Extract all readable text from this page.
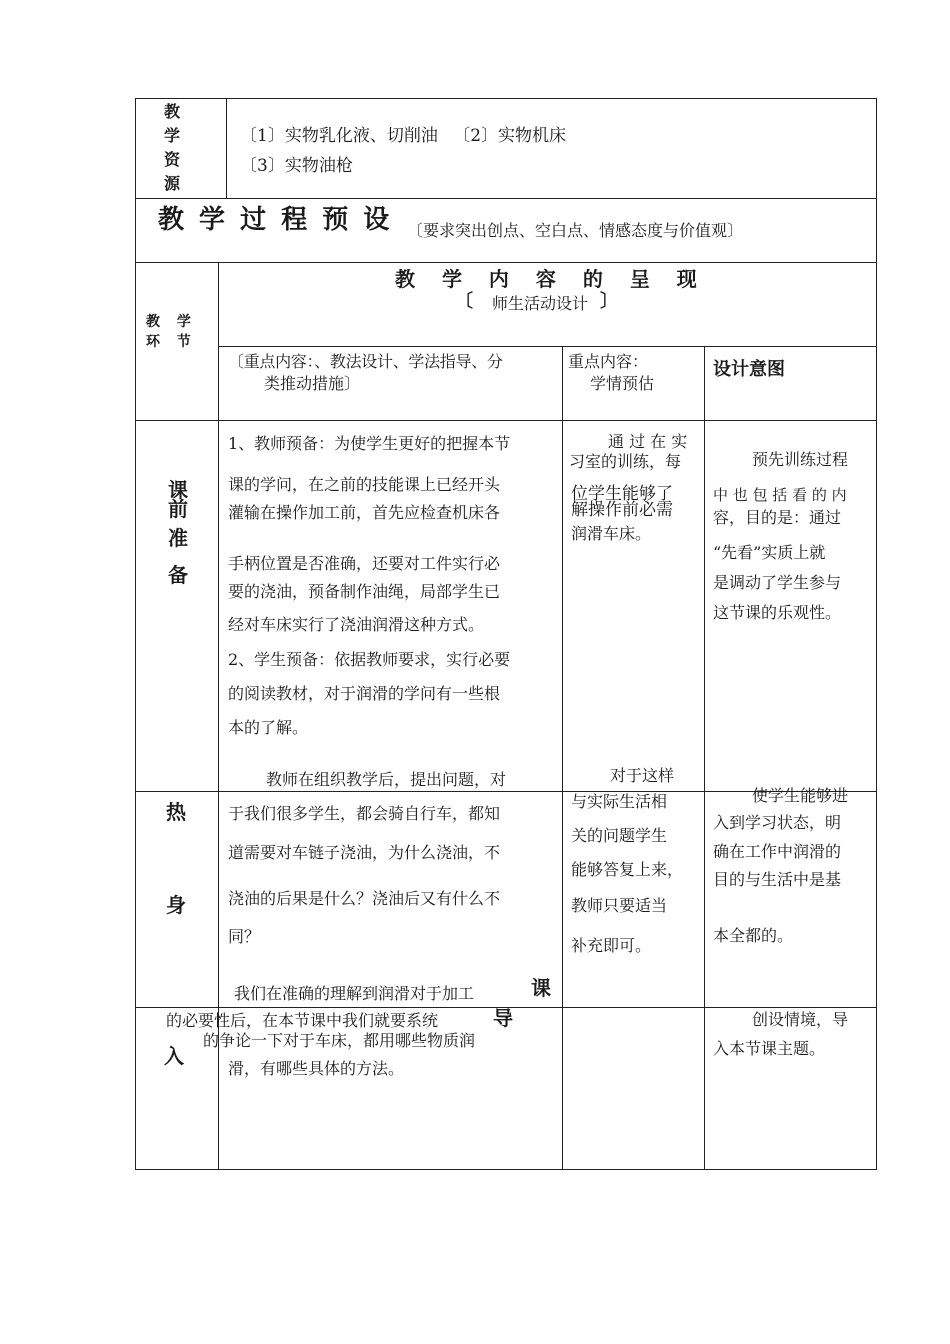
教
学
资
源
〔1〕实物乳化液、切削油 〔2〕实物机床
〔3〕实物油枪
教 学 过 程 预 设 〔要求突出创点、空白点、情感态度与价值观〕
教 学
环 节
教 学 内 容 的 呈 现
〔 师生活动设计 〕
〔重点内容：、教法设计、学法指导、分
类推动措施〕
重点内容：
学情预估
设计意图
课
前
准
备
1、教师预备：为使学生更好的把握本节
课的学问，在之前的技能课上已经开头
灌输在操作加工前，首先应检查机床各
手柄位置是否准确，还要对工件实行必
要的浇油，预备制作油绳，局部学生已
经对车床实行了浇油润滑这种方式。
2、学生预备：依据教师要求，实行必要
的阅读教材，对于润滑的学问有一些根
本的了解。
通 过 在 实
习室的训练，每
位学生能够了
解操作前必需
润滑车床。
预先训练过程
中 也 包 括 看 的 内
容，目的是：通过
“先看”实质上就
是调动了学生参与
这节课的乐观性。
热
身
教师在组织教学后，提出问题，对
于我们很多学生，都会骑自行车，都知
道需要对车链子浇油，为什么浇油，不
浇油的后果是什么？浇油后又有什么不
同？
对于这样
与实际生活相
关的问题学生
能够答复上来，
教师只要适当
补充即可。
使学生能够进
入到学习状态，明
确在工作中润滑的
目的与生活中是基
本全都的。
我们在准确的理解到润滑对于加工	课
的必要性后，在本节课中我们就要系统	导
的争论一下对于车床，都用哪些物质润
入
滑，有哪些具体的方法。
创设情境，导
入本节课主题。
